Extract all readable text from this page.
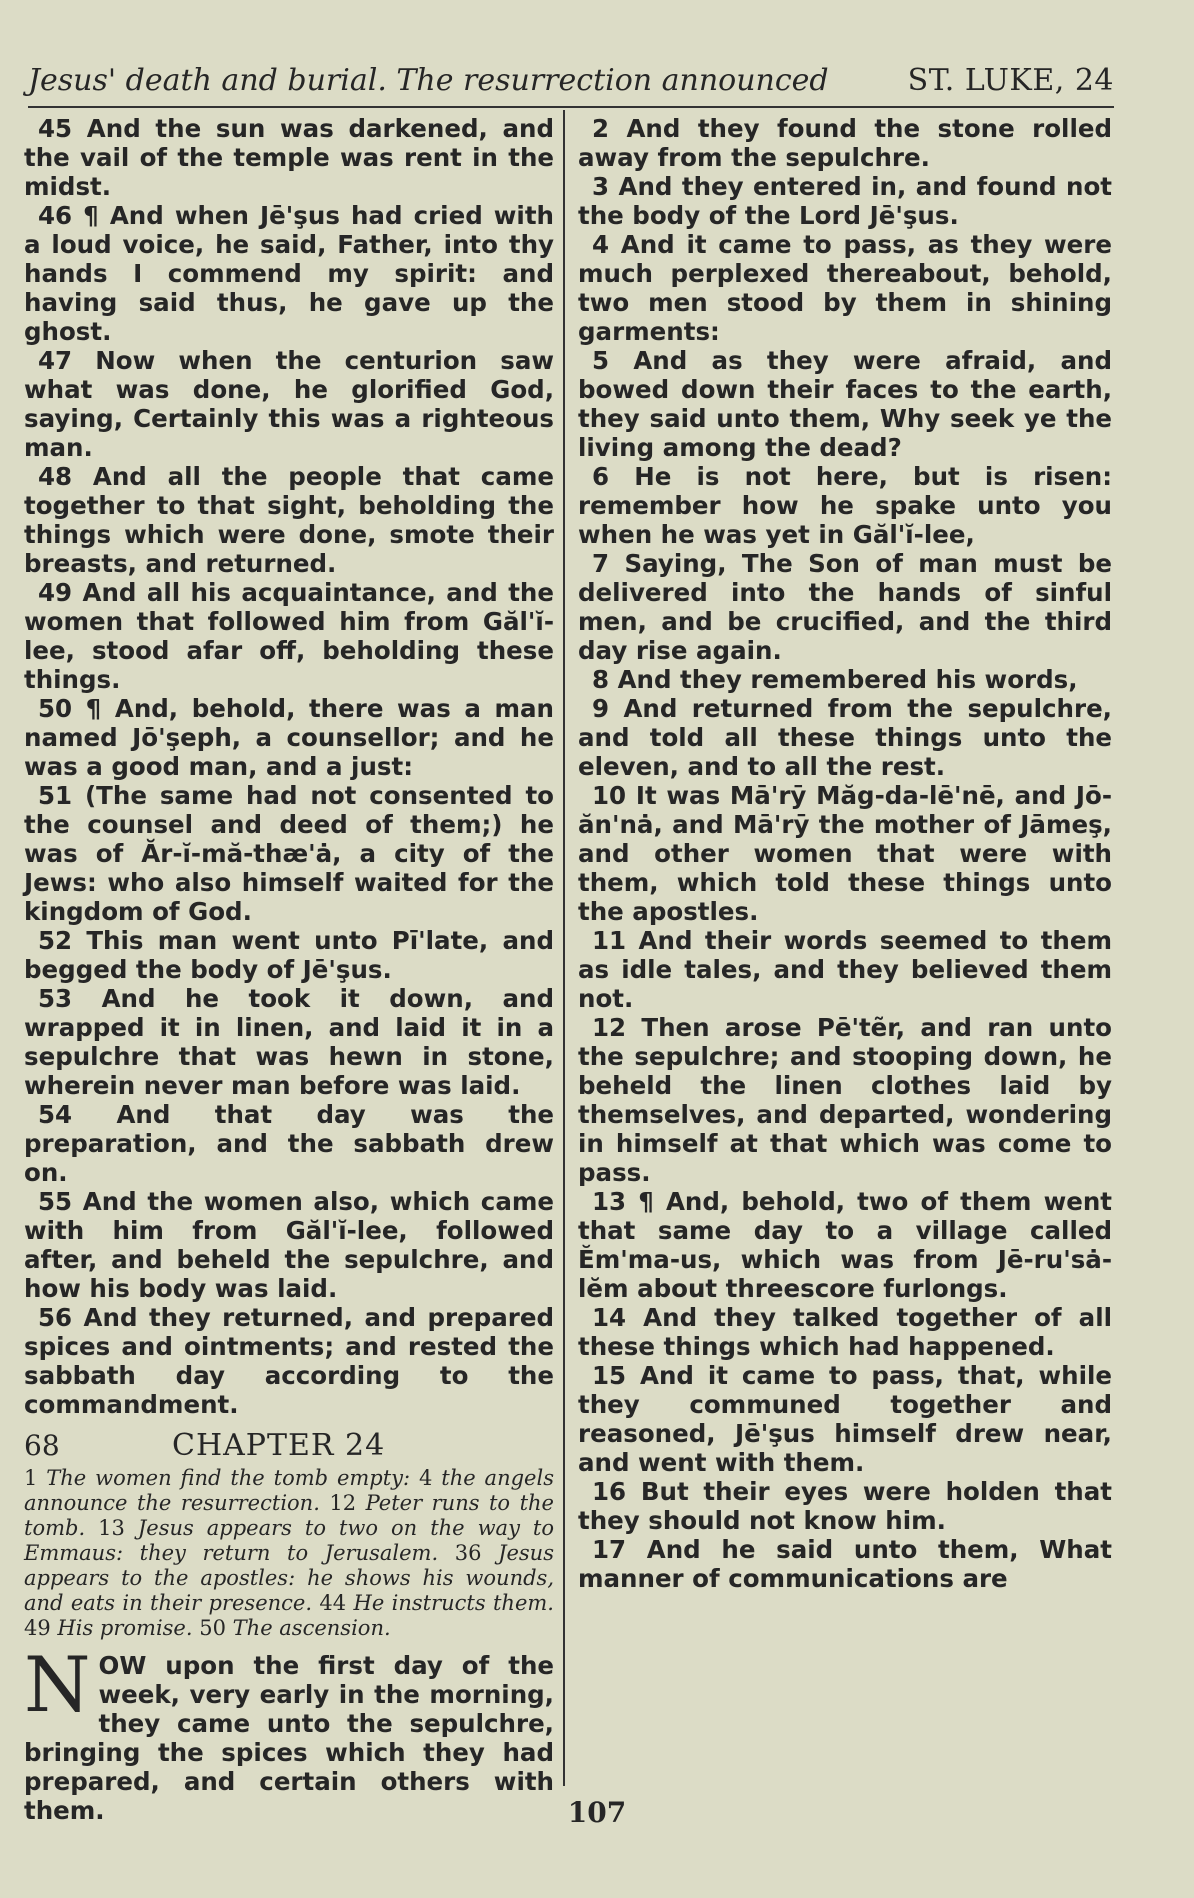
Jesus' death and burial. The resurrection announced	ST. LUKE, 24

45 And the sun was darkened, and the vail of the temple was rent in the midst.

46 ¶ And when Jē'şus had cried with a loud voice, he said, Father, into thy hands I commend my spirit: and having said thus, he gave up the ghost.

47 Now when the centurion saw what was done, he glorified God, saying, Certainly this was a righteous man.

48 And all the people that came together to that sight, beholding the things which were done, smote their breasts, and returned.

49 And all his acquaintance, and the women that followed him from Găl'ĭ-lee, stood afar off, beholding these things.

50 ¶ And, behold, there was a man named Jō'şeph, a counsellor; and he was a good man, and a just:

51 (The same had not consented to the counsel and deed of them;) he was of Ăr-ĭ-mă-thæ'ȧ, a city of the Jews: who also himself waited for the kingdom of God.

52 This man went unto Pī'late, and begged the body of Jē'şus.

53 And he took it down, and wrapped it in linen, and laid it in a sepulchre that was hewn in stone, wherein never man before was laid.

54 And that day was the preparation, and the sabbath drew on.

55 And the women also, which came with him from Găl'ĭ-lee, followed after, and beheld the sepulchre, and how his body was laid.

56 And they returned, and prepared spices and ointments; and rested the sabbath day according to the commandment.

68	CHAPTER 24
1 The women find the tomb empty: 4 the angels announce the resurrection. 12 Peter runs to the tomb. 13 Jesus appears to two on the way to Emmaus: they return to Jerusalem. 36 Jesus appears to the apostles: he shows his wounds, and eats in their presence. 44 He instructs them. 49 His promise. 50 The ascension.

NOW upon the first day of the week, very early in the morning, they came unto the sepulchre, bringing the spices which they had prepared, and certain others with them.

2 And they found the stone rolled away from the sepulchre.

3 And they entered in, and found not the body of the Lord Jē'şus.

4 And it came to pass, as they were much perplexed thereabout, behold, two men stood by them in shining garments:

5 And as they were afraid, and bowed down their faces to the earth, they said unto them, Why seek ye the living among the dead?

6 He is not here, but is risen: remember how he spake unto you when he was yet in Găl'ĭ-lee,

7 Saying, The Son of man must be delivered into the hands of sinful men, and be crucified, and the third day rise again.

8 And they remembered his words,

9 And returned from the sepulchre, and told all these things unto the eleven, and to all the rest.

10 It was Mā'rȳ Măg-da-lē'nē, and Jō-ăn'nȧ, and Mā'rȳ the mother of Jāmeş, and other women that were with them, which told these things unto the apostles.

11 And their words seemed to them as idle tales, and they believed them not.

12 Then arose Pē'tẽr, and ran unto the sepulchre; and stooping down, he beheld the linen clothes laid by themselves, and departed, wondering in himself at that which was come to pass.

13 ¶ And, behold, two of them went that same day to a village called Ĕm'ma-us, which was from Jē-ru'sȧ-lĕm about threescore furlongs.

14 And they talked together of all these things which had happened.

15 And it came to pass, that, while they communed together and reasoned, Jē'şus himself drew near, and went with them.

16 But their eyes were holden that they should not know him.

17 And he said unto them, What manner of communications are

107
